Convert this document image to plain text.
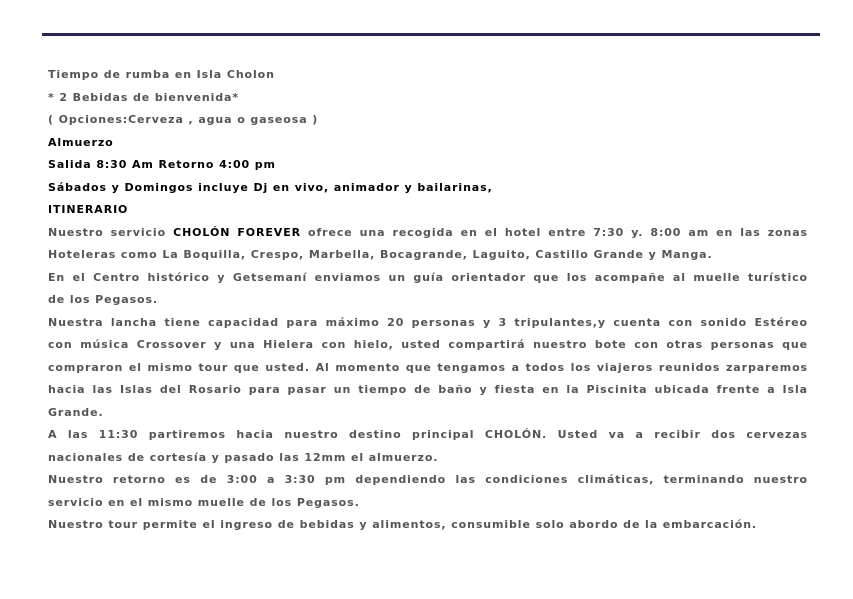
Tiempo de rumba en Isla Cholon
* 2 Bebidas de bienvenida*
( Opciones:Cerveza , agua o gaseosa )
Almuerzo
Salida 8:30 Am Retorno 4:00 pm
Sábados y Domingos incluye Dj en vivo, animador y bailarinas,
ITINERARIO
Nuestro servicio CHOLÓN FOREVER ofrece una recogida en el hotel entre 7:30 y. 8:00 am en las zonas
Hoteleras como La Boquilla, Crespo, Marbella, Bocagrande, Laguito, Castillo Grande y Manga.
En el Centro histórico y Getsemaní enviamos un guía orientador que los acompañe al muelle turístico
de los Pegasos.
Nuestra lancha tiene capacidad para máximo 20 personas y 3 tripulantes,y cuenta con sonido Estéreo
con música Crossover y una Hielera con hielo, usted compartirá nuestro bote con otras personas que
compraron el mismo tour que usted. Al momento que tengamos a todos los viajeros reunidos zarparemos
hacia las Islas del Rosario para pasar un tiempo de baño y fiesta en la Piscinita ubicada frente a Isla
Grande.
A las 11:30 partiremos hacia nuestro destino principal CHOLÓN. Usted va a recibir dos cervezas
nacionales de cortesía y pasado las 12mm el almuerzo.
Nuestro retorno es de 3:00 a 3:30 pm dependiendo las condiciones climáticas, terminando nuestro
servicio en el mismo muelle de los Pegasos.
Nuestro tour permite el ingreso de bebidas y alimentos, consumible solo abordo de la embarcación.
